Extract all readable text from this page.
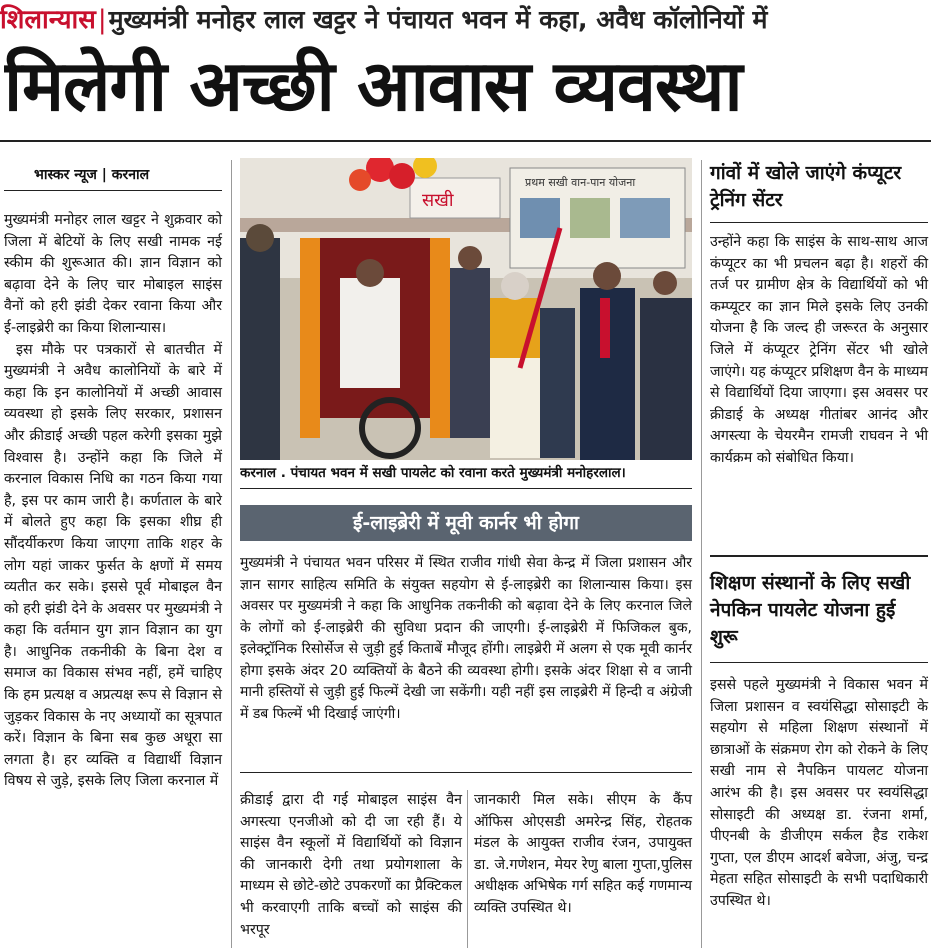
शिलान्यास|मुख्यमंत्री मनोहर लाल खट्टर ने पंचायत भवन में कहा, अवैध कॉलोनियों में
मिलेगी अच्छी आवास व्यवस्था
भास्कर न्यूज | करनाल

मुख्यमंत्री मनोहर लाल खट्टर ने शुक्रवार को जिला में बेटियों के लिए सखी नामक नई स्कीम की शुरूआत की। ज्ञान विज्ञान को बढ़ावा देने के लिए चार मोबाइल साइंस वैनों को हरी झंडी देकर रवाना किया और ई-लाइब्रेरी का किया शिलान्यास।

इस मौके पर पत्रकारों से बातचीत में मुख्यमंत्री ने अवैध कालोनियों के बारे में कहा कि इन कालोनियों में अच्छी आवास व्यवस्था हो इसके लिए सरकार, प्रशासन और क्रीडाई अच्छी पहल करेगी इसका मुझे विश्वास है। उन्होंने कहा कि जिले में करनाल विकास निधि का गठन किया गया है, इस पर काम जारी है। कर्णताल के बारे में बोलते हुए कहा कि इसका शीघ्र ही सौंदर्यीकरण किया जाएगा ताकि शहर के लोग यहां जाकर फुर्सत के क्षणों में समय व्यतीत कर सके। इससे पूर्व मोबाइल वैन को हरी झंडी देने के अवसर पर मुख्यमंत्री ने कहा कि वर्तमान युग ज्ञान विज्ञान का युग है। आधुनिक तकनीकी के बिना देश व समाज का विकास संभव नहीं, हमें चाहिए कि हम प्रत्यक्ष व अप्रत्यक्ष रूप से विज्ञान से जुड़कर विकास के नए अध्यायों का सूत्रपात करें। विज्ञान के बिना सब कुछ अधूरा सा लगता है। हर व्यक्ति व विद्यार्थी विज्ञान विषय से जुड़े, इसके लिए जिला करनाल में

प्रथम सखी वान-पान योजना
सखी
करनाल . पंचायत भवन में सखी पायलेट को रवाना करते मुख्यमंत्री मनोहरलाल।
ई-लाइब्रेरी में मूवी कार्नर भी होगा
मुख्यमंत्री ने पंचायत भवन परिसर में स्थित राजीव गांधी सेवा केन्द्र में जिला प्रशासन और ज्ञान सागर साहित्य समिति के संयुक्त सहयोग से ई-लाइब्रेरी का शिलान्यास किया। इस अवसर पर मुख्यमंत्री ने कहा कि आधुनिक तकनीकी को बढ़ावा देने के लिए करनाल जिले के लोगों को ई-लाइब्रेरी की सुविधा प्रदान की जाएगी। ई-लाइब्रेरी में फिजिकल बुक, इलेक्ट्रॉनिक रिसोर्सेज से जुड़ी हुई किताबें मौजूद होंगी। लाइब्रेरी में अलग से एक मूवी कार्नर होगा इसके अंदर 20 व्यक्तियों के बैठने की व्यवस्था होगी। इसके अंदर शिक्षा से व जानी मानी हस्तियों से जुड़ी हुई फिल्में देखी जा सकेंगी। यही नहीं इस लाइब्रेरी में हिन्दी व अंग्रेजी में डब फिल्में भी दिखाई जाएंगी।
क्रीडाई द्वारा दी गई मोबाइल साइंस वैन अगस्त्या एनजीओ को दी जा रही हैं। ये साइंस वैन स्कूलों में विद्यार्थियों को विज्ञान की जानकारी देगी तथा प्रयोगशाला के माध्यम से छोटे-छोटे उपकरणों का प्रैक्टिकल भी करवाएगी ताकि बच्चों को साइंस की भरपूर
जानकारी मिल सके। सीएम के कैंप ऑफिस ओएसडी अमरेन्द्र सिंह, रोहतक मंडल के आयुक्त राजीव रंजन, उपायुक्त डा. जे.गणेशन, मेयर रेणु बाला गुप्ता,पुलिस अधीक्षक अभिषेक गर्ग सहित कई गणमान्य व्यक्ति उपस्थित थे।
गांवों में खोले जाएंगे कंप्यूटर ट्रेनिंग सेंटर
उन्होंने कहा कि साइंस के साथ-साथ आज कंप्यूटर का भी प्रचलन बढ़ा है। शहरों की तर्ज पर ग्रामीण क्षेत्र के विद्यार्थियों को भी कम्प्यूटर का ज्ञान मिले इसके लिए उनकी योजना है कि जल्द ही जरूरत के अनुसार जिले में कंप्यूटर ट्रेनिंग सेंटर भी खोले जाएंगे। यह कंप्यूटर प्रशिक्षण वैन के माध्यम से विद्यार्थियों दिया जाएगा। इस अवसर पर क्रीडाई के अध्यक्ष गीतांबर आनंद और अगस्त्या के चेयरमैन रामजी राघवन ने भी कार्यक्रम को संबोधित किया।
शिक्षण संस्थानों के लिए सखी नेपकिन पायलेट योजना हुई शुरू
इससे पहले मुख्यमंत्री ने विकास भवन में जिला प्रशासन व स्वयंसिद्धा सोसाइटी के सहयोग से महिला शिक्षण संस्थानों में छात्राओं के संक्रमण रोग को रोकने के लिए सखी नाम से नैपकिन पायलट योजना आरंभ की है। इस अवसर पर स्वयंसिद्धा सोसाइटी की अध्यक्ष डा. रंजना शर्मा, पीएनबी के डीजीएम सर्कल हैड राकेश गुप्ता, एल डीएम आदर्श बवेजा, अंजु, चन्द्र मेहता सहित सोसाइटी के सभी पदाधिकारी उपस्थित थे।
